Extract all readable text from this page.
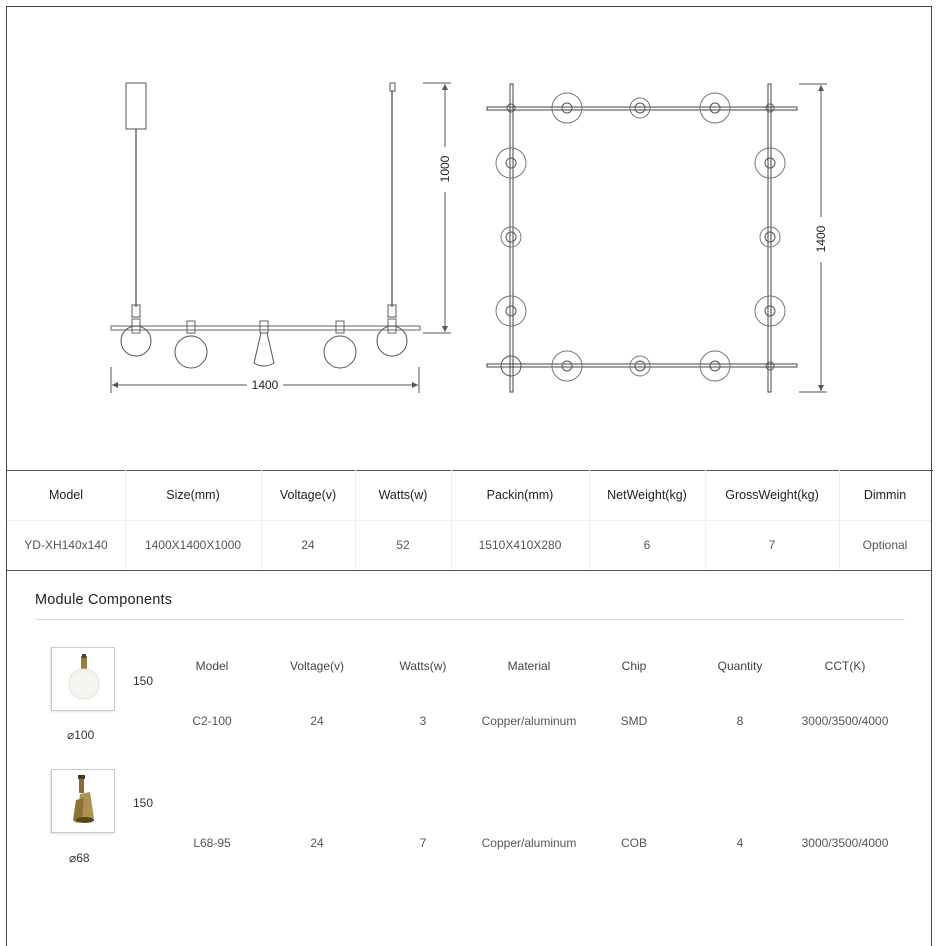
1400
1000
1400
Model	Size(mm)	Voltage(v)	Watts(w)	Packin(mm)	NetWeight(kg)	GrossWeight(kg)	Dimmin
YD-XH140x140	1400X1400X1000	24	52	1510X410X280	6	7	Optional
Module Components
150
⌀100
Model	Voltage(v)	Watts(w)	Material	Chip	Quantity	CCT(K)
C2-100	24	3	Copper/aluminum	SMD	8	3000/3500/4000
150
⌀68
L68-95	24	7	Copper/aluminum	COB	4	3000/3500/4000
